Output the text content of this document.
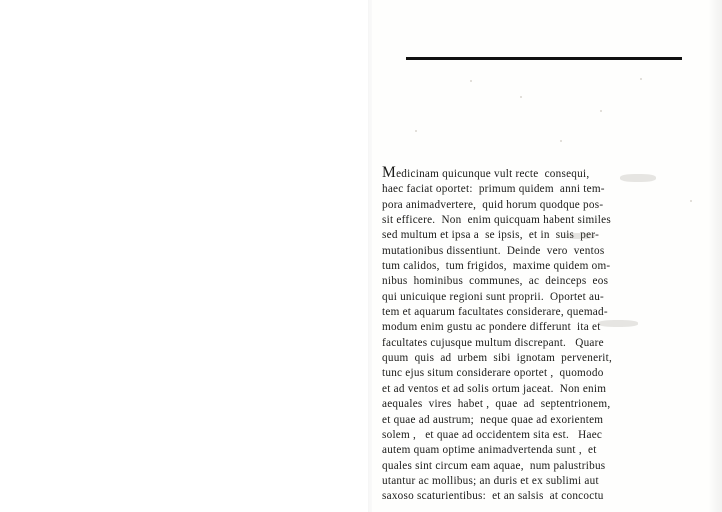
Medicinam quicunque vult recte  consequi,
haec faciat oportet:  primum quidem  anni tem-
pora animadvertere,  quid horum quodque pos-
sit efficere.  Non  enim quicquam habent similes
sed multum et ipsa a  se ipsis,  et in  suis  per-
mutationibus dissentiunt.  Deinde  vero  ventos
tum calidos,  tum frigidos,  maxime quidem om-
nibus  hominibus  communes,  ac  deinceps  eos
qui unicuique regioni sunt proprii.  Oportet au-
tem et aquarum facultates considerare, quemad-
modum enim gustu ac pondere differunt  ita et
facultates cujusque multum discrepant.   Quare
quum  quis  ad  urbem  sibi  ignotam  pervenerit,
tunc ejus situm considerare oportet ,  quomodo
et ad ventos et ad solis ortum jaceat.  Non enim
aequales  vires  habet ,  quae  ad  septentrionem,
et quae ad austrum;  neque quae ad exorientem
solem ,   et quae ad occidentem sita est.   Haec
autem quam optime animadvertenda sunt ,  et
quales sint circum eam aquae,  num palustribus
utantur ac mollibus; an duris et ex sublimi aut
saxoso scaturientibus:  et an salsis  at concoctu
